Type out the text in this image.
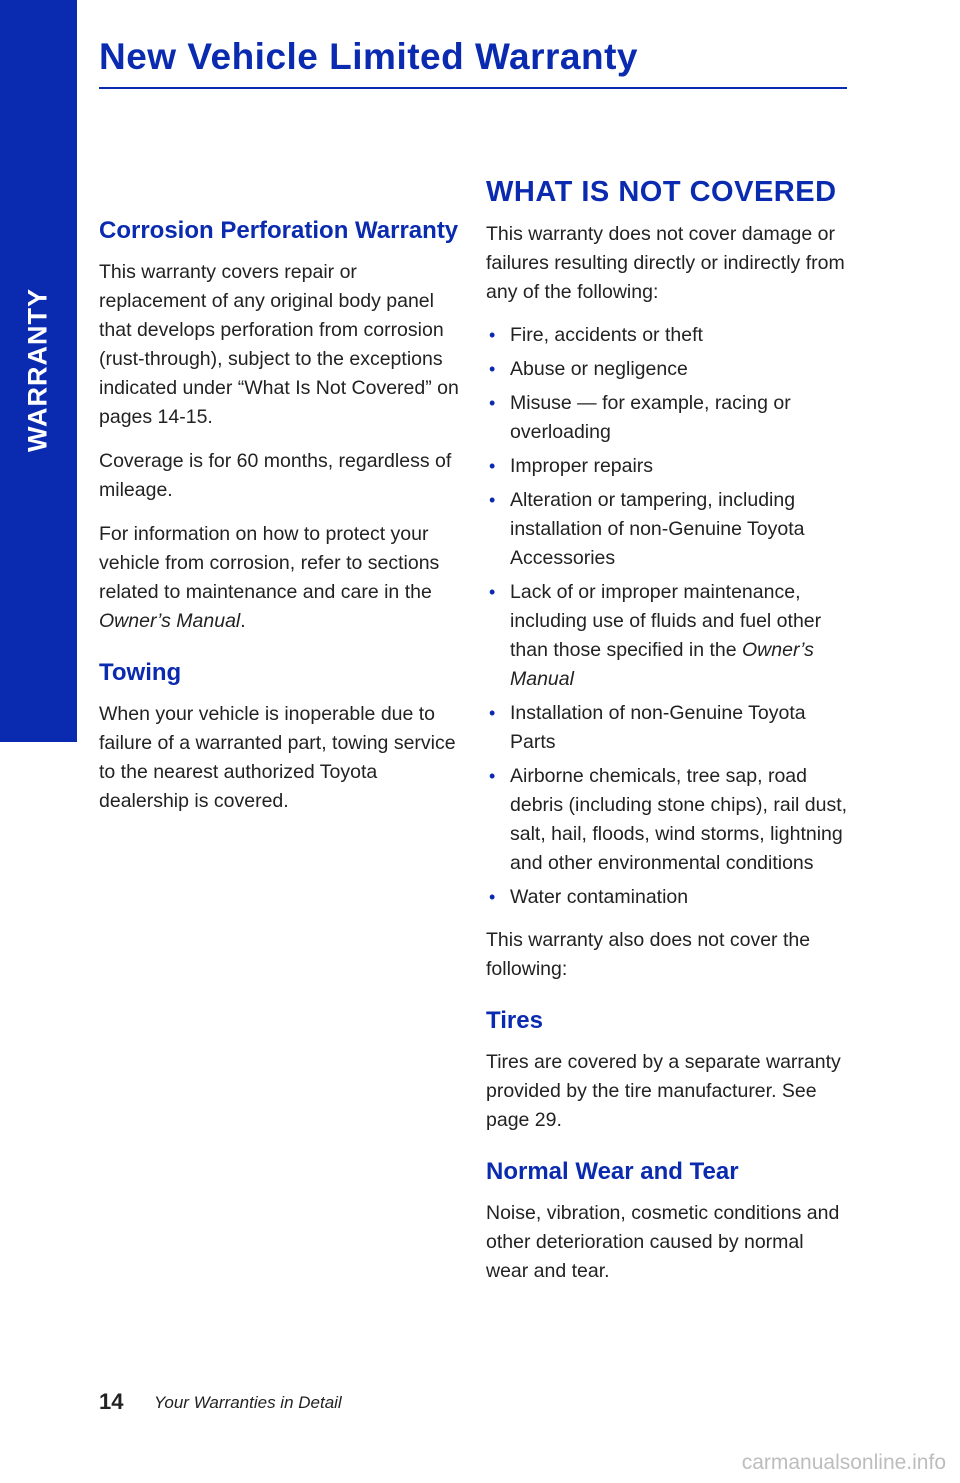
WARRANTY
New Vehicle Limited Warranty
Corrosion Perforation Warranty

This warranty covers repair or replacement of any original body panel that develops perforation from corrosion (rust-through), subject to the exceptions indicated under “What Is Not Covered” on pages 14-15.

Coverage is for 60 months, regardless of mileage.

For information on how to protect your vehicle from corrosion, refer to sections related to maintenance and care in the Owner’s Manual.

Towing

When your vehicle is inoperable due to failure of a warranted part, towing service to the nearest authorized Toyota dealership is covered.

WHAT IS NOT COVERED

This warranty does not cover damage or failures resulting directly or indirectly from any of the following:

• Fire, accidents or theft
• Abuse or negligence
• Misuse — for example, racing or overloading
• Improper repairs
• Alteration or tampering, including installation of non-Genuine Toyota Accessories
• Lack of or improper maintenance, including use of fluids and fuel other than those specified in the Owner’s Manual
• Installation of non-Genuine Toyota Parts
• Airborne chemicals, tree sap, road debris (including stone chips), rail dust, salt, hail, floods, wind storms, lightning and other environmental conditions
• Water contamination

This warranty also does not cover the following:

Tires

Tires are covered by a separate warranty provided by the tire manufacturer. See page 29.

Normal Wear and Tear

Noise, vibration, cosmetic conditions and other deterioration caused by normal wear and tear.

14 Your Warranties in Detail
carmanualsonline.info
